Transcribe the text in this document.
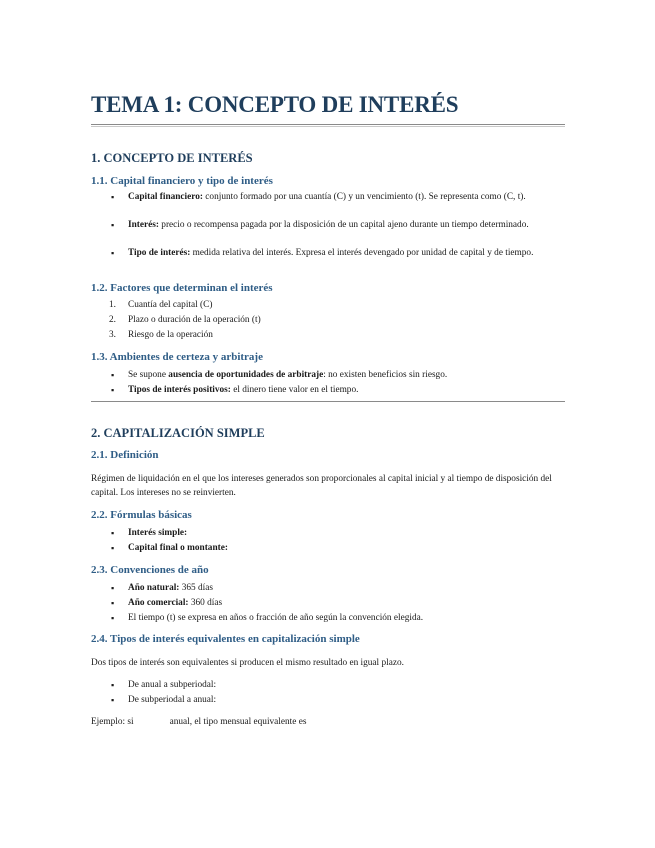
TEMA 1: CONCEPTO DE INTERÉS
1. CONCEPTO DE INTERÉS
1.1. Capital financiero y tipo de interés
▪	Capital financiero: conjunto formado por una cuantía (C) y un vencimiento (t). Se representa como (C, t).
▪	Interés: precio o recompensa pagada por la disposición de un capital ajeno durante un tiempo determinado.
▪	Tipo de interés: medida relativa del interés. Expresa el interés devengado por unidad de capital y de tiempo.
1.2. Factores que determinan el interés
1.	Cuantía del capital (C)
2.	Plazo o duración de la operación (t)
3.	Riesgo de la operación
1.3. Ambientes de certeza y arbitraje
▪	Se supone ausencia de oportunidades de arbitraje: no existen beneficios sin riesgo.
▪	Tipos de interés positivos: el dinero tiene valor en el tiempo.
2. CAPITALIZACIÓN SIMPLE
2.1. Definición

Régimen de liquidación en el que los intereses generados son proporcionales al capital inicial y al tiempo de disposición del capital. Los intereses no se reinvierten.

2.2. Fórmulas básicas
▪	Interés simple:
▪	Capital final o montante:
2.3. Convenciones de año
▪	Año natural: 365 días
▪	Año comercial: 360 días
▪	El tiempo (t) se expresa en años o fracción de año según la convención elegida.
2.4. Tipos de interés equivalentes en capitalización simple

Dos tipos de interés son equivalentes si producen el mismo resultado en igual plazo.

▪	De anual a subperiodal:
▪	De subperiodal a anual:

Ejemplo: si	anual, el tipo mensual equivalente es
